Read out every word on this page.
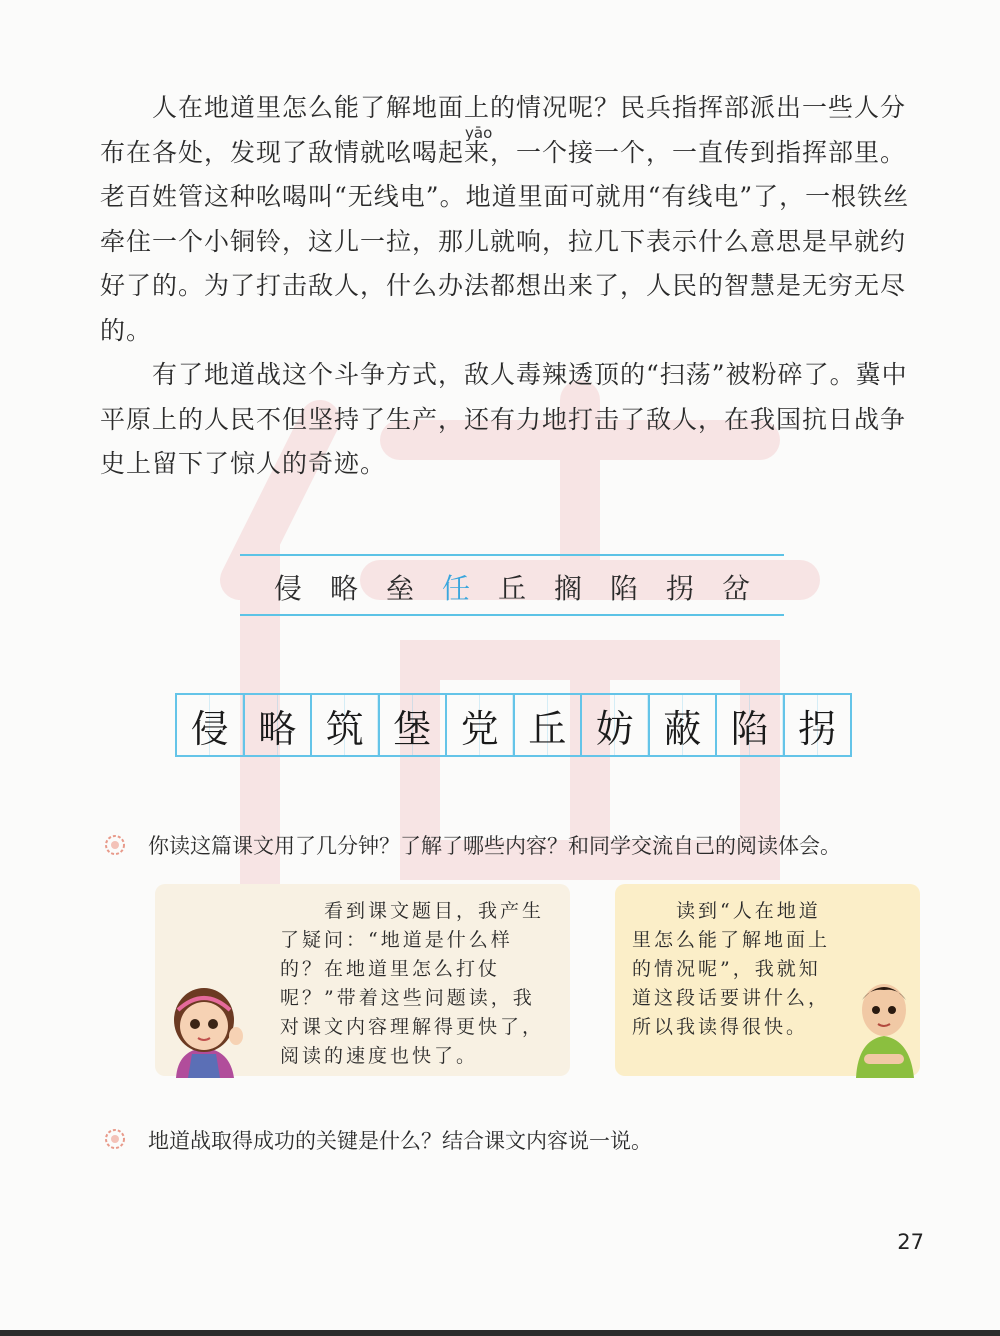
　　人在地道里怎么能了解地面上的情况呢？民兵指挥部派出一些人分布在各处，发现了敌情就吆喝起来，一个接一个，一直传到指挥部里。老百姓管这种吆喝叫“无线电”。地道里面可就用“有线电”了，一根铁丝牵住一个小铜铃，这儿一拉，那儿就响，拉几下表示什么意思是早就约好了的。为了打击敌人，什么办法都想出来了，人民的智慧是无穷无尽的。

yāo

　　有了地道战这个斗争方式，敌人毒辣透顶的“扫荡”被粉碎了。冀中平原上的人民不但坚持了生产，还有力地打击了敌人，在我国抗日战争史上留下了惊人的奇迹。

侵 略 垒 任 丘 搁 陷 拐 岔
侵 略 筑 堡 党 丘 妨 蔽 陷 拐
你读这篇课文用了几分钟？了解了哪些内容？和同学交流自己的阅读体会。

　　看到课文题目，我产生了疑问：“地道是什么样的？在地道里怎么打仗呢？”带着这些问题读，我对课文内容理解得更快了，阅读的速度也快了。

　　读到“人在地道里怎么能了解地面上的情况呢”，我就知道这段话要讲什么，所以我读得很快。

地道战取得成功的关键是什么？结合课文内容说一说。
27
